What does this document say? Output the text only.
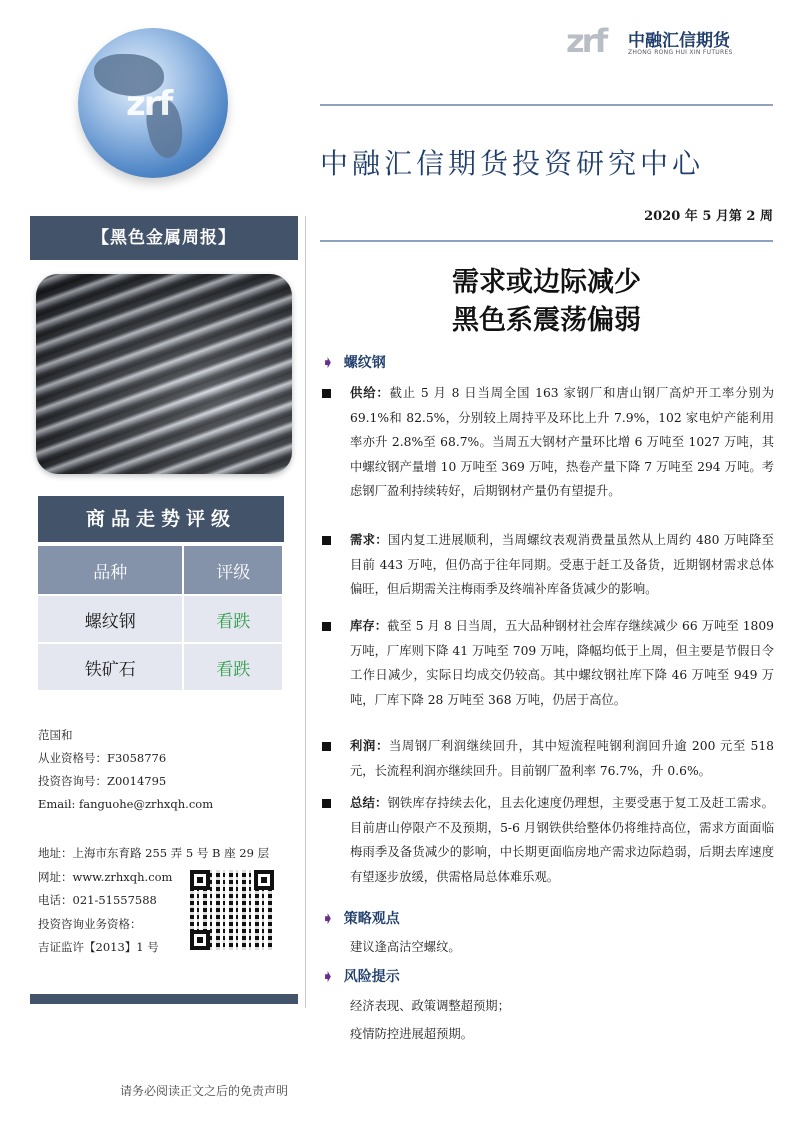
zrf
zrf 中融汇信期货
ZHONG RONG HUI XIN FUTURES
中融汇信期货投资研究中心
2020 年 5 月第 2 周
【黑色金属周报】
商品走势评级
品种	评级
螺纹钢	看跌
铁矿石	看跌
范国和
从业资格号：F3058776
投资咨询号：Z0014795
Email: fanguohe@zrhxqh.com
地址：上海市东育路 255 弄 5 号 B 座 29 层
网址：www.zrhxqh.com
电话：021-51557588
投资咨询业务资格：
吉证监许【2013】1 号
需求或边际减少
黑色系震荡偏弱
➧ 螺纹钢
供给：截止 5 月 8 日当周全国 163 家钢厂和唐山钢厂高炉开工率分别为 69.1%和 82.5%，分别较上周持平及环比上升 7.9%，102 家电炉产能利用率亦升 2.8%至 68.7%。当周五大钢材产量环比增 6 万吨至 1027 万吨，其中螺纹钢产量增 10 万吨至 369 万吨，热卷产量下降 7 万吨至 294 万吨。考虑钢厂盈利持续转好，后期钢材产量仍有望提升。
需求：国内复工进展顺利，当周螺纹表观消费量虽然从上周约 480 万吨降至目前 443 万吨，但仍高于往年同期。受惠于赶工及备货，近期钢材需求总体偏旺，但后期需关注梅雨季及终端补库备货减少的影响。
库存：截至 5 月 8 日当周，五大品种钢材社会库存继续减少 66 万吨至 1809 万吨，厂库则下降 41 万吨至 709 万吨，降幅均低于上周，但主要是节假日令工作日减少，实际日均成交仍较高。其中螺纹钢社库下降 46 万吨至 949 万吨，厂库下降 28 万吨至 368 万吨，仍居于高位。
利润：当周钢厂利润继续回升，其中短流程吨钢利润回升逾 200 元至 518 元，长流程利润亦继续回升。目前钢厂盈利率 76.7%，升 0.6%。
总结：钢铁库存持续去化，且去化速度仍理想，主要受惠于复工及赶工需求。目前唐山停限产不及预期，5-6 月钢铁供给整体仍将维持高位，需求方面面临梅雨季及备货减少的影响，中长期更面临房地产需求边际趋弱，后期去库速度有望逐步放缓，供需格局总体难乐观。
➧ 策略观点
建议逢高沽空螺纹。
➧ 风险提示
经济表现、政策调整超预期；
疫情防控进展超预期。
请务必阅读正文之后的免责声明
